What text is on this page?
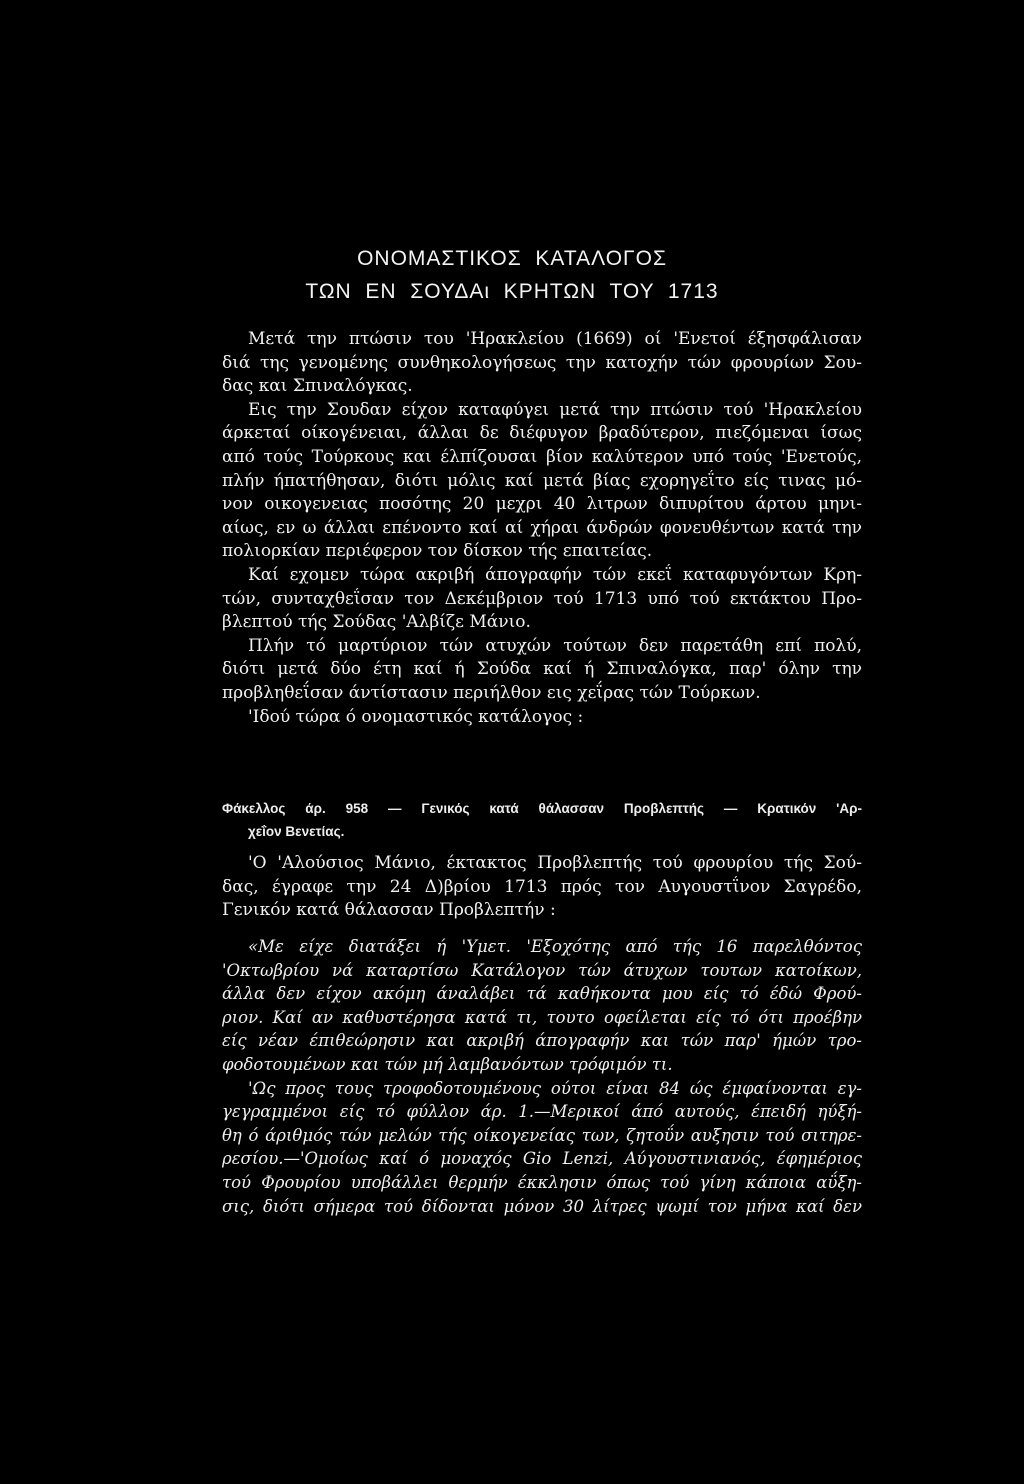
ΟΝΟΜΑΣΤΙΚΟΣ  ΚΑΤΑΛΟΓΟΣ
ΤΩΝ  ΕΝ  ΣΟΥΔΑι  ΚΡΗΤΩΝ  ΤΟΥ  1713
Μετά την πτώσιν του 'Ηρακλείου (1669) οί 'Ενετοί έξησφάλισαν
διά της γενομένης συνθηκολογήσεως την κατοχήν τών φρουρίων Σου-
δας και Σπιναλόγκας.
Εις την Σουδαν είχον καταφύγει μετά την πτώσιν τού 'Ηρακλείου
άρκεταί οίκογένειαι, άλλαι δε διέφυγον βραδύτερον, πιεζόμεναι ίσως
από τούς Τούρκους και έλπίζουσαι βίον καλύτερον υπό τούς 'Ενετούς,
πλήν ήπατήθησαν, διότι μόλις καί μετά βίας εχορηγεΐτο είς τινας μό-
νον οικογενειας ποσότης 20 μεχρι 40 λιτρων διπυρίτου άρτου μηνι-
αίως, εν ω άλλαι επένοντο καί αί χήραι άνδρών φονευθέντων κατά την
πολιορκίαν περιέφερον τον δίσκον τής επαιτείας.
Καί εχομεν τώρα ακριβή άπογραφήν τών εκεΐ καταφυγόντων Κρη-
τών, συνταχθεΐσαν τον Δεκέμβριον τού 1713 υπό τού εκτάκτου Προ-
βλεπτού τής Σούδας 'Αλβίζε Μάνιο.
Πλήν τό μαρτύριον τών ατυχών τούτων δεν παρετάθη επί πολύ,
διότι μετά δύο έτη καί ή Σούδα καί ή Σπιναλόγκα, παρ' όλην την
προβληθεΐσαν άντίστασιν περιήλθον εις χεΐρας τών Τούρκων.
'Ιδού τώρα ό ονομαστικός κατάλογος :
Φάκελλος άρ. 958 — Γενικός κατά θάλασσαν Προβλεπτής — Κρατικόν 'Αρ-
χεΐον Βενετίας.
'Ο 'Αλούσιος Μάνιο, έκτακτος Προβλεπτής τού φρουρίου τής Σού-
δας, έγραφε την 24 Δ)βρίου 1713 πρός τον Αυγουστΐνον Σαγρέδο,
Γενικόν κατά θάλασσαν Προβλεπτήν :
«Με είχε διατάξει ή 'Υμετ. 'Εξοχότης από τής 16 παρελθόντος
'Οκτωβρίου νά καταρτίσω Κατάλογον τών άτυχων τουτων κατοίκων,
άλλα δεν είχον ακόμη άναλάβει τά καθήκοντα μου είς τό έδώ Φρού-
ριον. Καί αν καθυστέρησα κατά τι, τουτο οφείλεται είς τό ότι προέβην
είς νέαν έπιθεώρησιν και ακριβή άπογραφήν και τών παρ' ήμών τρο-
φοδοτουμένων και τών μή λαμβανόντων τρόφιμόν τι.
'Ως προς τους τροφοδοτουμένους ούτοι είναι 84 ώς έμφαίνονται εγ-
γεγραμμένοι είς τό φύλλον άρ. 1.—Μερικοί άπό αυτούς, έπειδή ηύξή-
θη ό άριθμός τών μελών τής οίκογενείας των, ζητοΰν αυξησιν τού σιτηρε-
ρεσίου.—'Ομοίως καί ό μοναχός Gio Lenzi, Αύγουστινιανός, έφημέριος
τού Φρουρίου υποβάλλει θερμήν έκκλησιν όπως τού γίνη κάποια αΰξη-
σις, διότι σήμερα τού δίδονται μόνον 30 λίτρες ψωμί τον μήνα καί δεν
